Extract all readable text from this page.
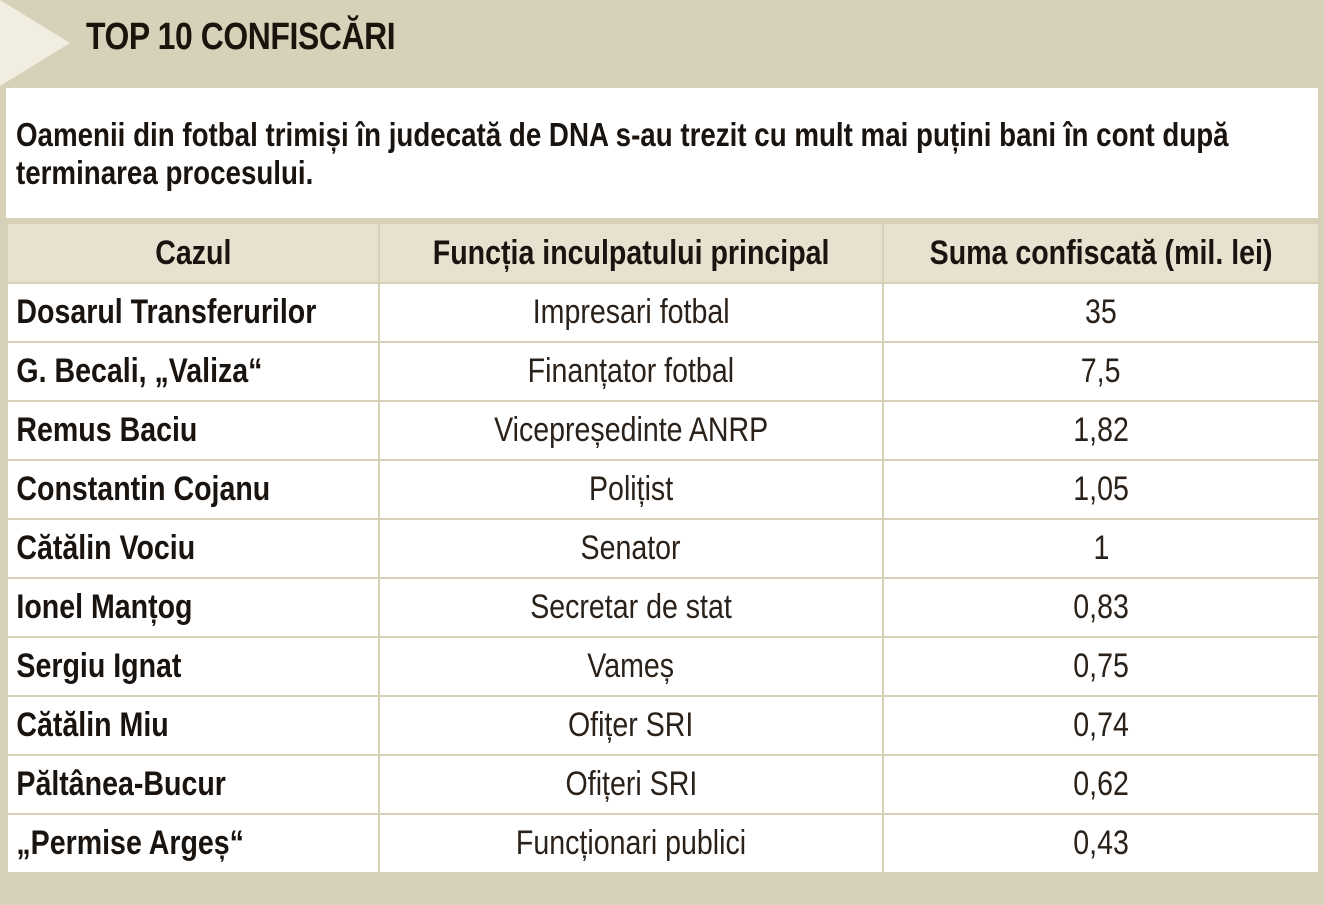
TOP 10 CONFISCĂRI

Oamenii din fotbal trimiși în judecată de DNA s-au trezit cu mult mai puțini bani în cont după terminarea procesului.

Cazul	Funcția inculpatului principal	Suma confiscată (mil. lei)
Dosarul Transferurilor	Impresari fotbal	35
G. Becali, „Valiza“	Finanțator fotbal	7,5
Remus Baciu	Vicepreședinte ANRP	1,82
Constantin Cojanu	Polițist	1,05
Cătălin Vociu	Senator	1
Ionel Manțog	Secretar de stat	0,83
Sergiu Ignat	Vameș	0,75
Cătălin Miu	Ofițer SRI	0,74
Păltânea-Bucur	Ofițeri SRI	0,62
„Permise Argeș“	Funcționari publici	0,43
